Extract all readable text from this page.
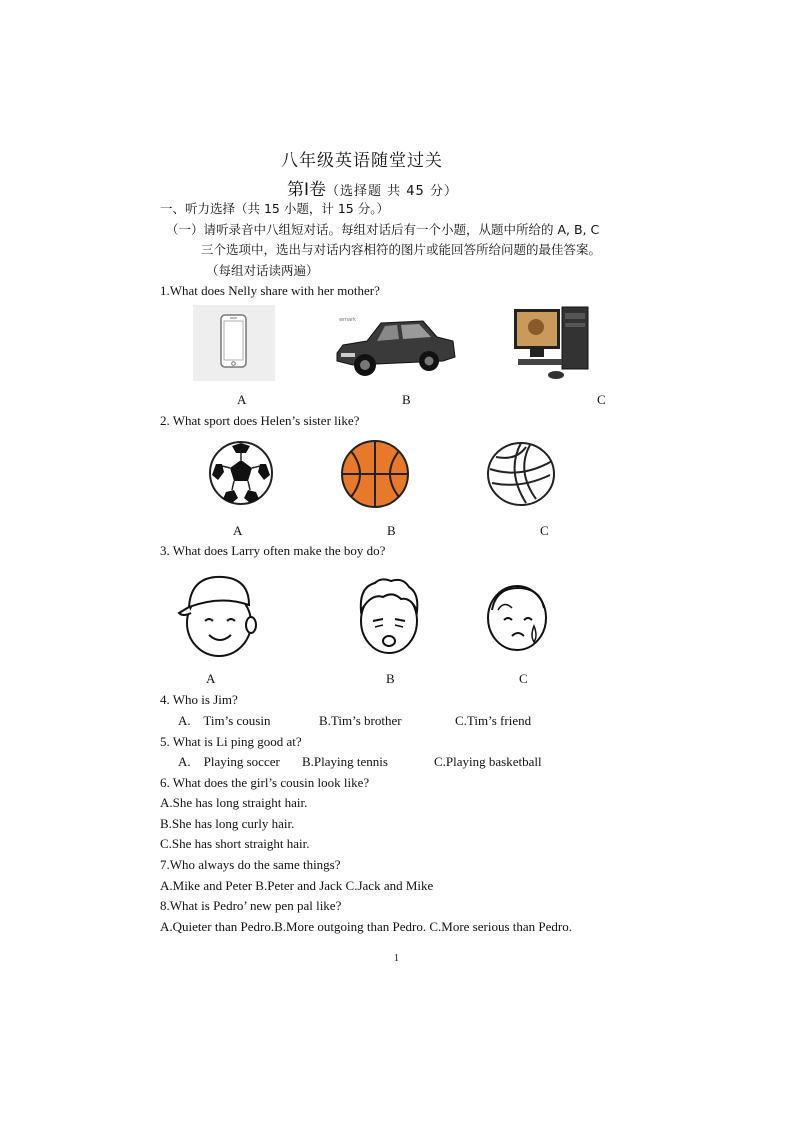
八年级英语随堂过关
第Ⅰ卷（选择题 共 45 分）
一、听力选择（共 15 小题，计 15 分。）
（一）请听录音中八组短对话。每组对话后有一个小题，从题中所给的 A, B, C
三个选项中，选出与对话内容相符的图片或能回答所给问题的最佳答案。
（每组对话读两遍）
1.What does Nelly share with her mother?
wmark
A	B	C
2. What sport does Helen’s sister like?
A	B	C
3. What does Larry often make the boy do?
A	B	C
4. Who is Jim?
A.    Tim’s cousin	B.Tim’s brother	C.Tim’s friend
5. What is Li ping good at?
A.    Playing soccer B.Playing tennis	C.Playing basketball
6. What does the girl’s cousin look like?
A.She has long straight hair.
B.She has long curly hair.
C.She has short straight hair.
7.Who always do the same things?
A.Mike and Peter B.Peter and Jack C.Jack and Mike
8.What is Pedro’ new pen pal like?
A.Quieter than Pedro.B.More outgoing than Pedro. C.More serious than Pedro.
1
